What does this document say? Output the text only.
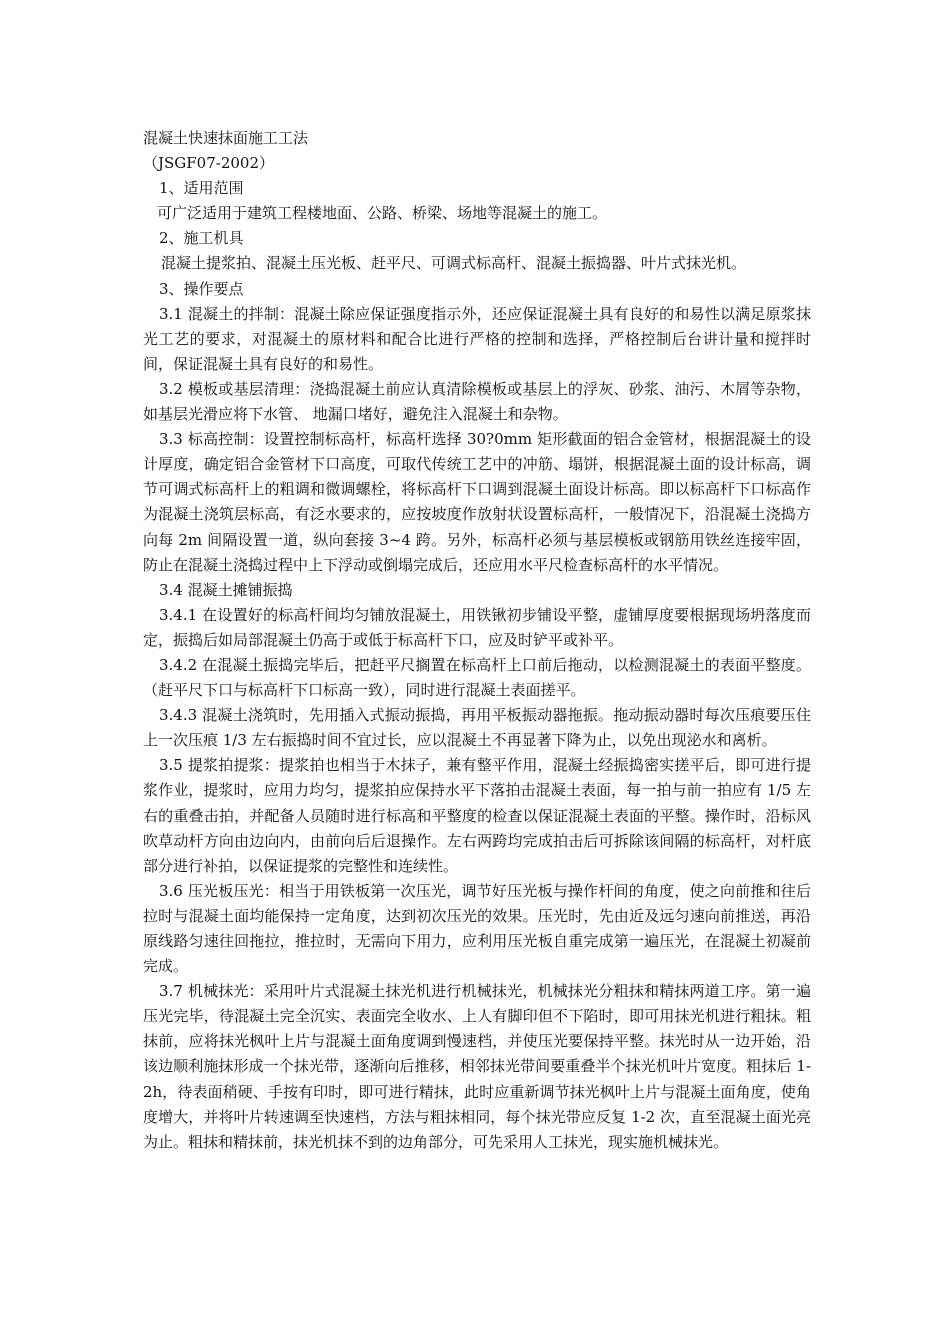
混凝土快速抹面施工工法

（JSGF07-2002）

1、适用范围

可广泛适用于建筑工程楼地面、公路、桥梁、场地等混凝土的施工。

2、施工机具

混凝土提浆拍、混凝土压光板、赶平尺、可调式标高杆、混凝土振捣器、叶片式抹光机。

3、操作要点

3.1 混凝土的拌制：混凝土除应保证强度指示外，还应保证混凝土具有良好的和易性以满足原浆抹光工艺的要求，对混凝土的原材料和配合比进行严格的控制和选择，严格控制后台讲计量和搅拌时间，保证混凝土具有良好的和易性。

3.2 模板或基层清理：浇捣混凝土前应认真清除模板或基层上的浮灰、砂浆、油污、木屑等杂物，如基层光滑应将下水管、 地漏口堵好，避免注入混凝土和杂物。

3.3 标高控制：设置控制标高杆，标高杆选择 30?0mm 矩形截面的铝合金管材，根据混凝土的设计厚度，确定铝合金管材下口高度，可取代传统工艺中的冲筋、塌饼，根据混凝土面的设计标高，调节可调式标高杆上的粗调和微调螺栓，将标高杆下口调到混凝土面设计标高。即以标高杆下口标高作为混凝土浇筑层标高，有泛水要求的，应按坡度作放射状设置标高杆，一般情况下，沿混凝土浇捣方向每 2m 间隔设置一道，纵向套接 3~4 跨。另外，标高杆必须与基层模板或钢筋用铁丝连接牢固，防止在混凝土浇捣过程中上下浮动或倒塌完成后，还应用水平尺检查标高杆的水平情况。

3.4 混凝土摊铺振捣

3.4.1 在设置好的标高杆间均匀铺放混凝土，用铁锹初步铺设平整，虚铺厚度要根据现场坍落度而定，振捣后如局部混凝土仍高于或低于标高杆下口，应及时铲平或补平。

3.4.2 在混凝土振捣完毕后，把赶平尺搁置在标高杆上口前后拖动，以检测混凝土的表面平整度。（赶平尺下口与标高杆下口标高一致），同时进行混凝土表面搓平。

3.4.3 混凝土浇筑时，先用插入式振动振捣，再用平板振动器拖振。拖动振动器时每次压痕要压住上一次压痕 1/3 左右振捣时间不宜过长，应以混凝土不再显著下降为止，以免出现泌水和离析。

3.5 提浆拍提浆：提浆拍也相当于木抹子，兼有整平作用，混凝土经振捣密实搓平后，即可进行提浆作业，提浆时，应用力均匀，提浆拍应保持水平下落拍击混凝土表面，每一拍与前一拍应有 1/5 左右的重叠击拍，并配备人员随时进行标高和平整度的检查以保证混凝土表面的平整。操作时，沿标风吹草动杆方向由边向内，由前向后后退操作。左右两跨均完成拍击后可拆除该间隔的标高杆，对杆底部分进行补拍，以保证提浆的完整性和连续性。

3.6 压光板压光：相当于用铁板第一次压光，调节好压光板与操作杆间的角度，使之向前推和往后拉时与混凝土面均能保持一定角度，达到初次压光的效果。压光时，先由近及远匀速向前推送，再沿原线路匀速往回拖拉，推拉时，无需向下用力，应利用压光板自重完成第一遍压光，在混凝土初凝前完成。

3.7 机械抹光：采用叶片式混凝土抹光机进行机械抹光，机械抹光分粗抹和精抹两道工序。第一遍压光完毕，待混凝土完全沉实、表面完全收水、上人有脚印但不下陷时，即可用抹光机进行粗抹。粗抹前，应将抹光枫叶上片与混凝土面角度调到慢速档，并使压光要保持平整。抹光时从一边开始，沿该边顺利施抹形成一个抹光带，逐渐向后推移，相邻抹光带间要重叠半个抹光机叶片宽度。粗抹后 1-2h，待表面稍硬、手按有印时，即可进行精抹，此时应重新调节抹光枫叶上片与混凝土面角度，使角度增大，并将叶片转速调至快速档，方法与粗抹相同，每个抹光带应反复 1-2 次，直至混凝土面光亮为止。粗抹和精抹前，抹光机抹不到的边角部分，可先采用人工抹光，现实施机械抹光。
